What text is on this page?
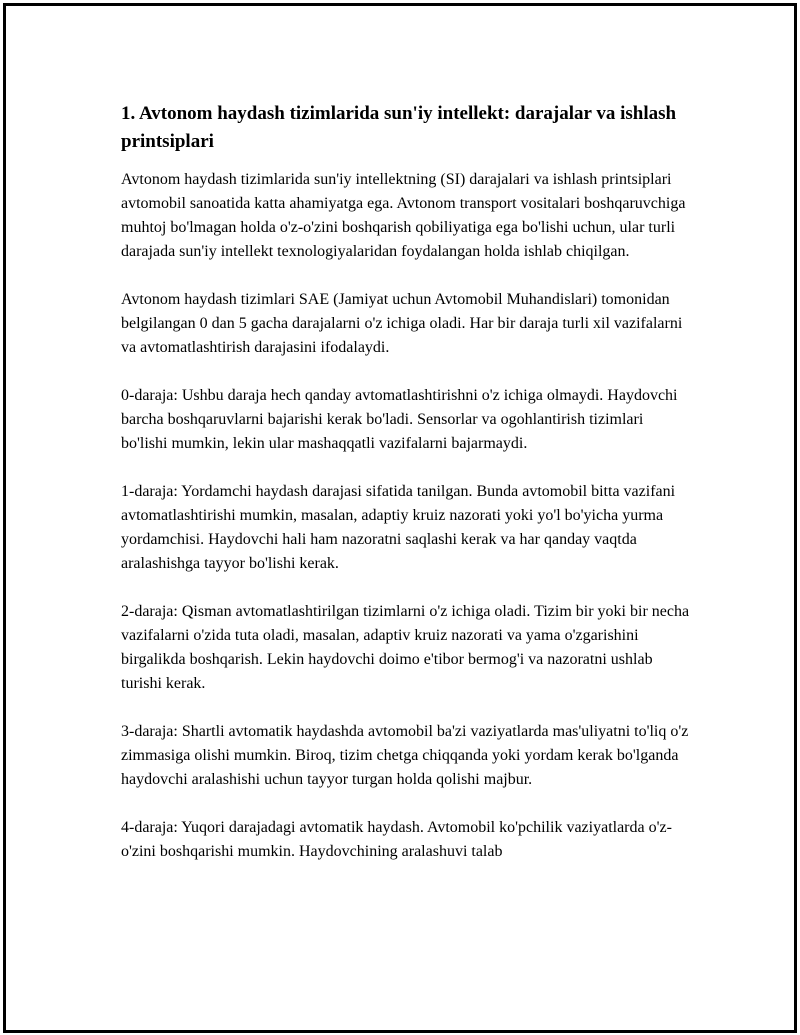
1. Avtonom haydash tizimlarida sun'iy intellekt: darajalar va ishlash printsiplari

Avtonom haydash tizimlarida sun'iy intellektning (SI) darajalari va ishlash printsiplari avtomobil sanoatida katta ahamiyatga ega. Avtonom transport vositalari boshqaruvchiga muhtoj bo'lmagan holda o'z-o'zini boshqarish qobiliyatiga ega bo'lishi uchun, ular turli darajada sun'iy intellekt texnologiyalaridan foydalangan holda ishlab chiqilgan.

Avtonom haydash tizimlari SAE (Jamiyat uchun Avtomobil Muhandislari) tomonidan belgilangan 0 dan 5 gacha darajalarni o'z ichiga oladi. Har bir daraja turli xil vazifalarni va avtomatlashtirish darajasini ifodalaydi.

0-daraja: Ushbu daraja hech qanday avtomatlashtirishni o'z ichiga olmaydi. Haydovchi barcha boshqaruvlarni bajarishi kerak bo'ladi. Sensorlar va ogohlantirish tizimlari bo'lishi mumkin, lekin ular mashaqqatli vazifalarni bajarmaydi.

1-daraja: Yordamchi haydash darajasi sifatida tanilgan. Bunda avtomobil bitta vazifani avtomatlashtirishi mumkin, masalan, adaptiy kruiz nazorati yoki yo'l bo'yicha yurma yordamchisi. Haydovchi hali ham nazoratni saqlashi kerak va har qanday vaqtda aralashishga tayyor bo'lishi kerak.

2-daraja: Qisman avtomatlashtirilgan tizimlarni o'z ichiga oladi. Tizim bir yoki bir necha vazifalarni o'zida tuta oladi, masalan, adaptiv kruiz nazorati va yama o'zgarishini birgalikda boshqarish. Lekin haydovchi doimo e'tibor bermog'i va nazoratni ushlab turishi kerak.

3-daraja: Shartli avtomatik haydashda avtomobil ba'zi vaziyatlarda mas'uliyatni to'liq o'z zimmasiga olishi mumkin. Biroq, tizim chetga chiqqanda yoki yordam kerak bo'lganda haydovchi aralashishi uchun tayyor turgan holda qolishi majbur.

4-daraja: Yuqori darajadagi avtomatik haydash. Avtomobil ko'pchilik vaziyatlarda o'z-o'zini boshqarishi mumkin. Haydovchining aralashuvi talab
